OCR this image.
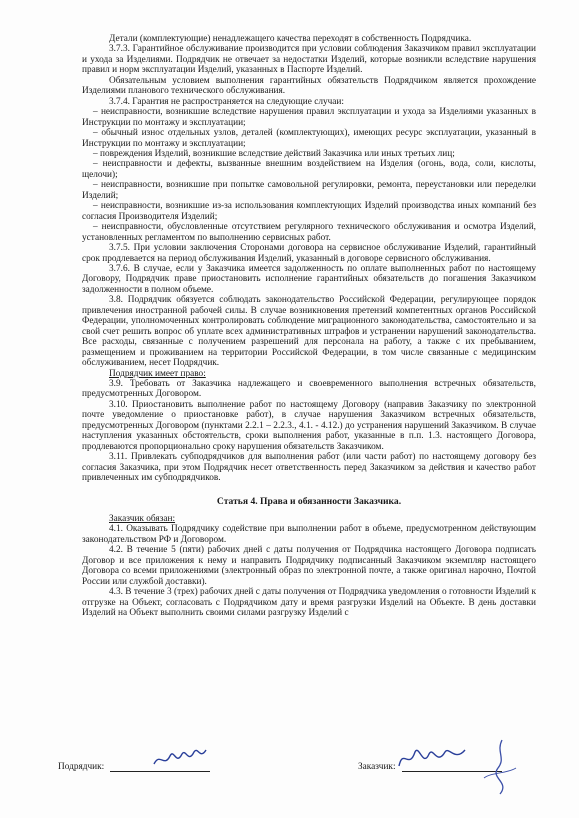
Детали (комплектующие) ненадлежащего качества переходят в собственность Подрядчика.

3.7.3. Гарантийное обслуживание производится при условии соблюдения Заказчиком правил эксплуатации и ухода за Изделиями. Подрядчик не отвечает за недостатки Изделий, которые возникли вследствие нарушения правил и норм эксплуатации Изделий, указанных в Паспорте Изделий.

Обязательным условием выполнения гарантийных обязательств Подрядчиком является прохождение Изделиями планового технического обслуживания.

3.7.4. Гарантия не распространяется на следующие случаи:

– неисправности, возникшие вследствие нарушения правил эксплуатации и ухода за Изделиями указанных в Инструкции по монтажу и эксплуатации;

– обычный износ отдельных узлов, деталей (комплектующих), имеющих ресурс эксплуатации, указанный в Инструкции по монтажу и эксплуатации;

– повреждения Изделий, возникшие вследствие действий Заказчика или иных третьих лиц;

– неисправности и дефекты, вызванные внешним воздействием на Изделия (огонь, вода, соли, кислоты, щелочи);

– неисправности, возникшие при попытке самовольной регулировки, ремонта, переустановки или переделки Изделий;

– неисправности, возникшие из-за использования комплектующих Изделий производства иных компаний без согласия Производителя Изделий;

– неисправности, обусловленные отсутствием регулярного технического обслуживания и осмотра Изделий, установленных регламентом по выполнению сервисных работ.

3.7.5. При условии заключения Сторонами договора на сервисное обслуживание Изделий, гарантийный срок продлевается на период обслуживания Изделий, указанный в договоре сервисного обслуживания.

3.7.6. В случае, если у Заказчика имеется задолженность по оплате выполненных работ по настоящему Договору, Подрядчик праве приостановить исполнение гарантийных обязательств до погашения Заказчиком задолженности в полном объеме.

3.8. Подрядчик обязуется соблюдать законодательство Российской Федерации, регулирующее порядок привлечения иностранной рабочей силы. В случае возникновения претензий компетентных органов Российской Федерации, уполномоченных контролировать соблюдение миграционного законодательства, самостоятельно и за свой счет решить вопрос об уплате всех административных штрафов и устранении нарушений законодательства. Все расходы, связанные с получением разрешений для персонала на работу, а также с их пребыванием, размещением и проживанием на территории Российской Федерации, в том числе связанные с медицинским обслуживанием, несет Подрядчик.

Подрядчик имеет право:

3.9. Требовать от Заказчика надлежащего и своевременного выполнения встречных обязательств, предусмотренных Договором.

3.10. Приостановить выполнение работ по настоящему Договору (направив Заказчику по электронной почте уведомление о приостановке работ), в случае нарушения Заказчиком встречных обязательств, предусмотренных Договором (пунктами 2.2.1 – 2.2.3., 4.1. - 4.12.) до устранения нарушений Заказчиком. В случае наступления указанных обстоятельств, сроки выполнения работ, указанные в п.п. 1.3. настоящего Договора, продлеваются пропорционально сроку нарушения обязательств Заказчиком.

3.11. Привлекать субподрядчиков для выполнения работ (или части работ) по настоящему договору без согласия Заказчика, при этом Подрядчик несет ответственность перед Заказчиком за действия и качество работ привлеченных им субподрядчиков.

Статья 4. Права и обязанности Заказчика.

Заказчик обязан:

4.1. Оказывать Подрядчику содействие при выполнении работ в объеме, предусмотренном действующим законодательством РФ и Договором.

4.2. В течение 5 (пяти) рабочих дней с даты получения от Подрядчика настоящего Договора подписать Договор и все приложения к нему и направить Подрядчику подписанный Заказчиком экземпляр настоящего Договора со всеми приложениями (электронный образ по электронной почте, а также оригинал нарочно, Почтой России или службой доставки).

4.3. В течение 3 (трех) рабочих дней с даты получения от Подрядчика уведомления о готовности Изделий к отгрузке на Объект, согласовать с Подрядчиком дату и время разгрузки Изделий на Объекте. В день доставки Изделий на Объект выполнить своими силами разгрузку Изделий с

Подрядчик:	Заказчик:
